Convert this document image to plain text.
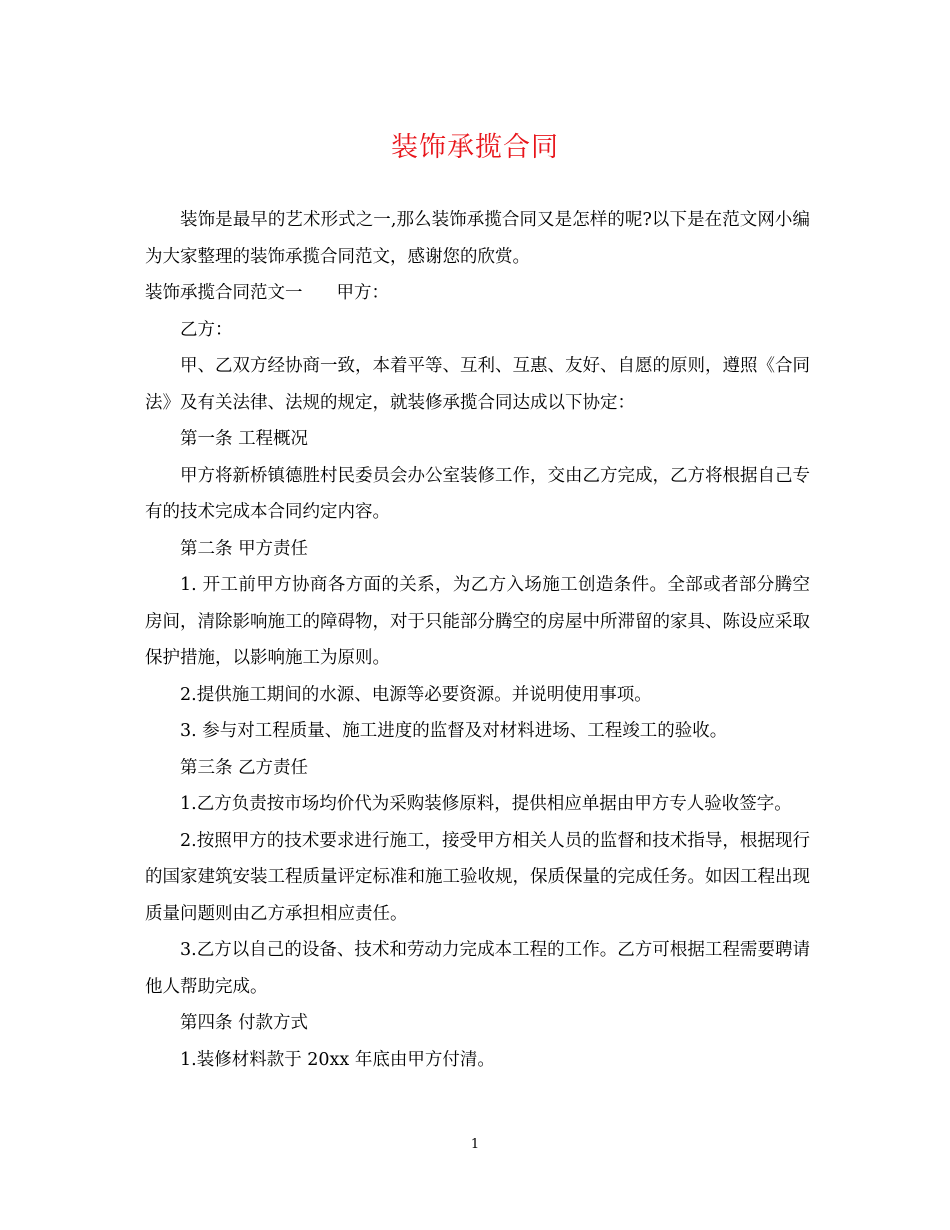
装饰承揽合同

装饰是最早的艺术形式之一,那么装饰承揽合同又是怎样的呢?以下是在范文网小编为大家整理的装饰承揽合同范文，感谢您的欣赏。

装饰承揽合同范文一 甲方：

乙方：

甲、乙双方经协商一致，本着平等、互利、互惠、友好、自愿的原则，遵照《合同法》及有关法律、法规的规定，就装修承揽合同达成以下协定：

第一条 工程概况

甲方将新桥镇德胜村民委员会办公室装修工作，交由乙方完成，乙方将根据自己专有的技术完成本合同约定内容。

第二条 甲方责任

1. 开工前甲方协商各方面的关系，为乙方入场施工创造条件。全部或者部分腾空房间，清除影响施工的障碍物，对于只能部分腾空的房屋中所滞留的家具、陈设应采取保护措施，以影响施工为原则。

2.提供施工期间的水源、电源等必要资源。并说明使用事项。

3. 参与对工程质量、施工进度的监督及对材料进场、工程竣工的验收。

第三条 乙方责任

1.乙方负责按市场均价代为采购装修原料，提供相应单据由甲方专人验收签字。

2.按照甲方的技术要求进行施工，接受甲方相关人员的监督和技术指导，根据现行的国家建筑安装工程质量评定标准和施工验收规，保质保量的完成任务。如因工程出现质量问题则由乙方承担相应责任。

3.乙方以自己的设备、技术和劳动力完成本工程的工作。乙方可根据工程需要聘请他人帮助完成。

第四条 付款方式

1.装修材料款于 20xx 年底由甲方付清。

1
